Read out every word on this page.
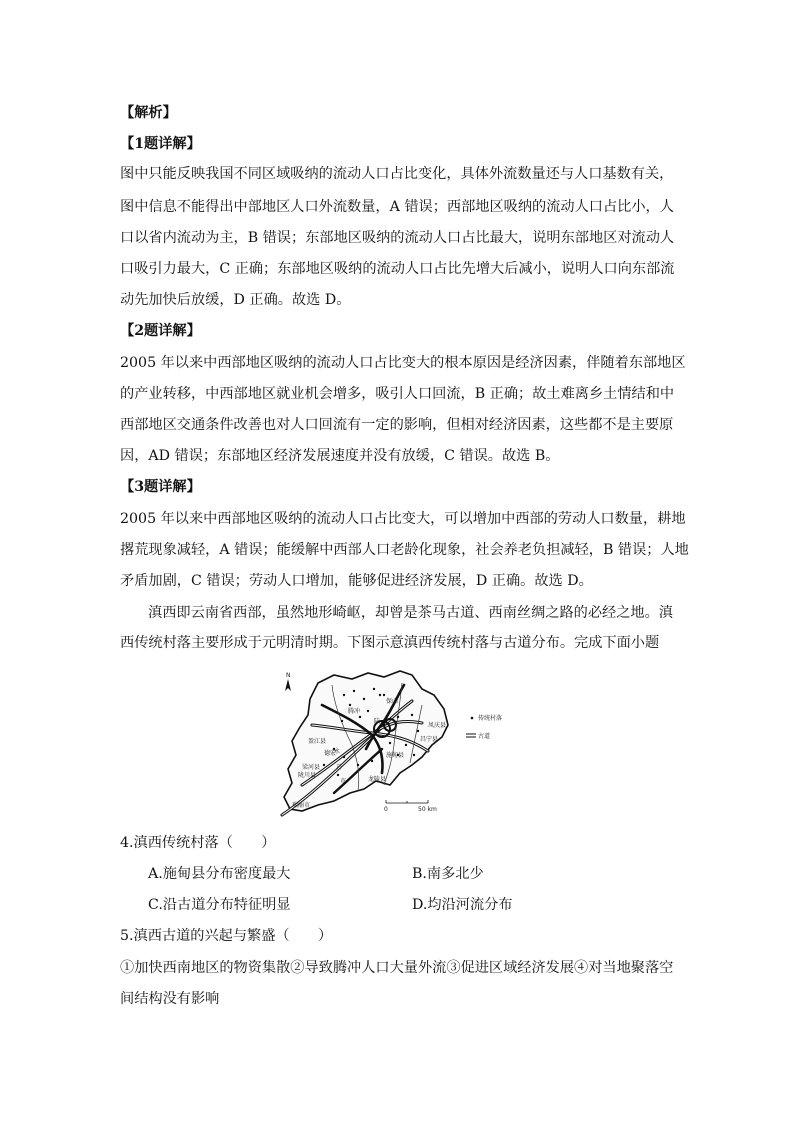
【解析】
【1题详解】
图中只能反映我国不同区域吸纳的流动人口占比变化，具体外流数量还与人口基数有关，
图中信息不能得出中部地区人口外流数量，A 错误；西部地区吸纳的流动人口占比小，人
口以省内流动为主，B 错误；东部地区吸纳的流动人口占比最大，说明东部地区对流动人
口吸引力最大，C 正确；东部地区吸纳的流动人口占比先增大后减小，说明人口向东部流
动先加快后放缓，D 正确。故选 D。
【2题详解】
2005 年以来中西部地区吸纳的流动人口占比变大的根本原因是经济因素，伴随着东部地区
的产业转移，中西部地区就业机会增多，吸引人口回流，B 正确；故土难离乡土情结和中
西部地区交通条件改善也对人口回流有一定的影响，但相对经济因素，这些都不是主要原
因，AD 错误；东部地区经济发展速度并没有放缓，C 错误。故选 B。
【3题详解】
2005 年以来中西部地区吸纳的流动人口占比变大，可以增加中西部的劳动人口数量，耕地
撂荒现象减轻，A 错误；能缓解中西部人口老龄化现象，社会养老负担减轻，B 错误；人地
矛盾加剧，C 错误；劳动人口增加，能够促进经济发展，D 正确。故选 D。
滇西即云南省西部，虽然地形崎岖，却曾是茶马古道、西南丝绸之路的必经之地。滇
西传统村落主要形成于元明清时期。下图示意滇西传统村落与古道分布。完成下面小题
N
腾冲
陆
盈江县
梁河县
陇川县
施甸县
龙陵县
保山
昌宁县
瑞丽市
永
芒
市
德宏
凤庆县
传统村落
古道
0	50 km
4.滇西传统村落（　　）
A.施甸县分布密度最大	B.南多北少
C.沿古道分布特征明显	D.均沿河流分布
5.滇西古道的兴起与繁盛（　　）
①加快西南地区的物资集散②导致腾冲人口大量外流③促进区域经济发展④对当地聚落空
间结构没有影响
